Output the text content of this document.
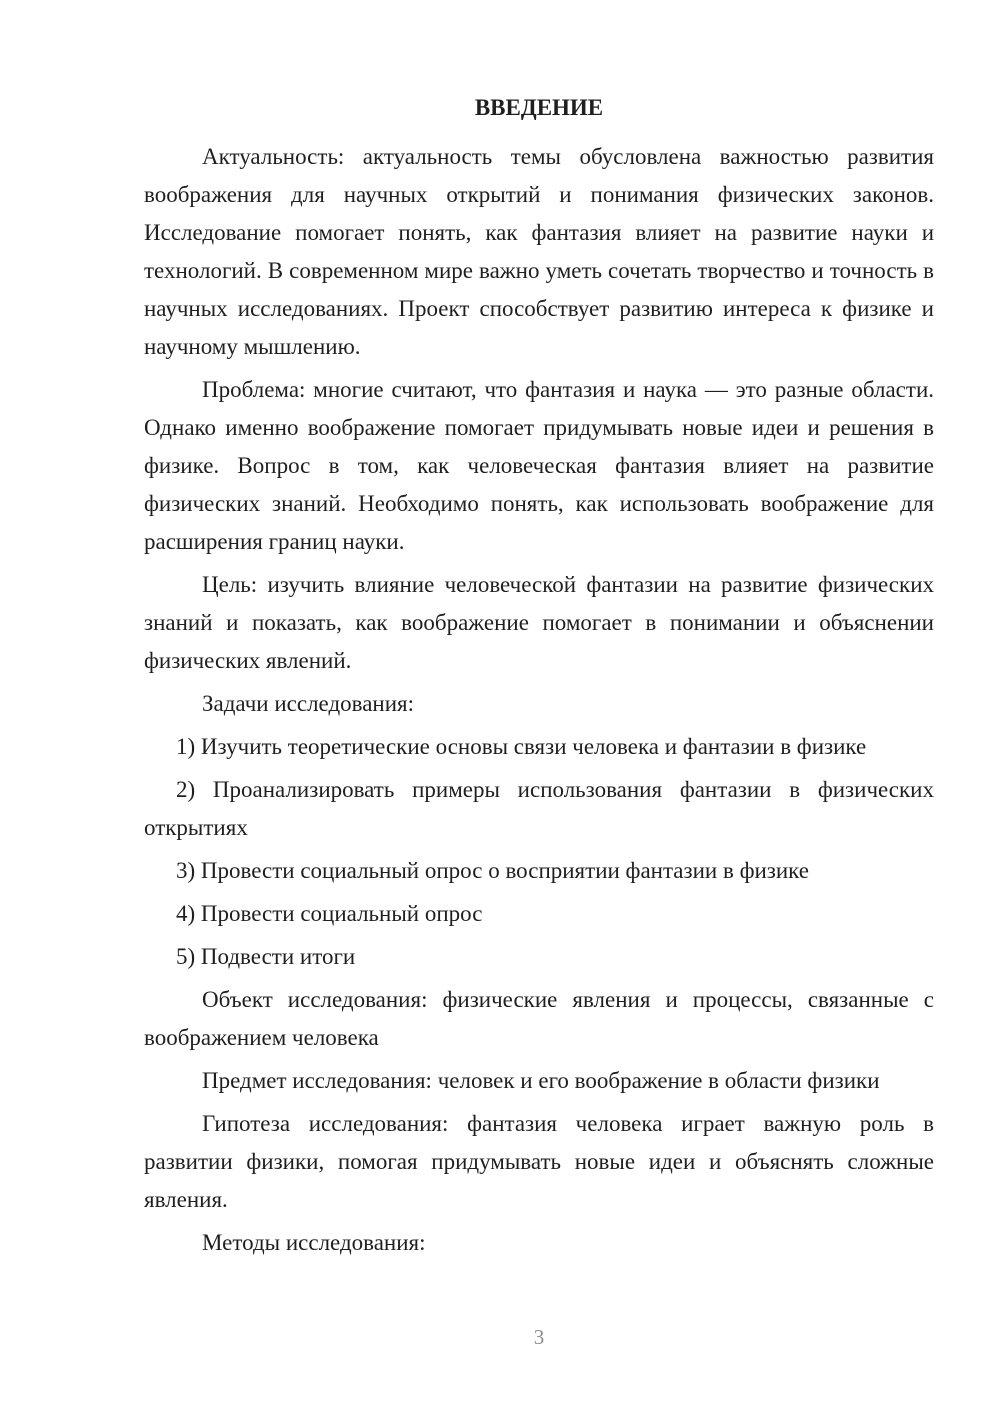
ВВЕДЕНИЕ

Актуальность: актуальность темы обусловлена важностью развития воображения для научных открытий и понимания физических законов. Исследование помогает понять, как фантазия влияет на развитие науки и технологий. В современном мире важно уметь сочетать творчество и точность в научных исследованиях. Проект способствует развитию интереса к физике и научному мышлению.

Проблема: многие считают, что фантазия и наука — это разные области. Однако именно воображение помогает придумывать новые идеи и решения в физике. Вопрос в том, как человеческая фантазия влияет на развитие физических знаний. Необходимо понять, как использовать воображение для расширения границ науки.

Цель: изучить влияние человеческой фантазии на развитие физических знаний и показать, как воображение помогает в понимании и объяснении физических явлений.

Задачи исследования:

1) Изучить теоретические основы связи человека и фантазии в физике

2) Проанализировать примеры использования фантазии в физических открытиях

3) Провести социальный опрос о восприятии фантазии в физике

4) Провести социальный опрос

5) Подвести итоги

Объект исследования: физические явления и процессы, связанные с воображением человека

Предмет исследования: человек и его воображение в области физики

Гипотеза исследования: фантазия человека играет важную роль в развитии физики, помогая придумывать новые идеи и объяснять сложные явления.

Методы исследования:

3
